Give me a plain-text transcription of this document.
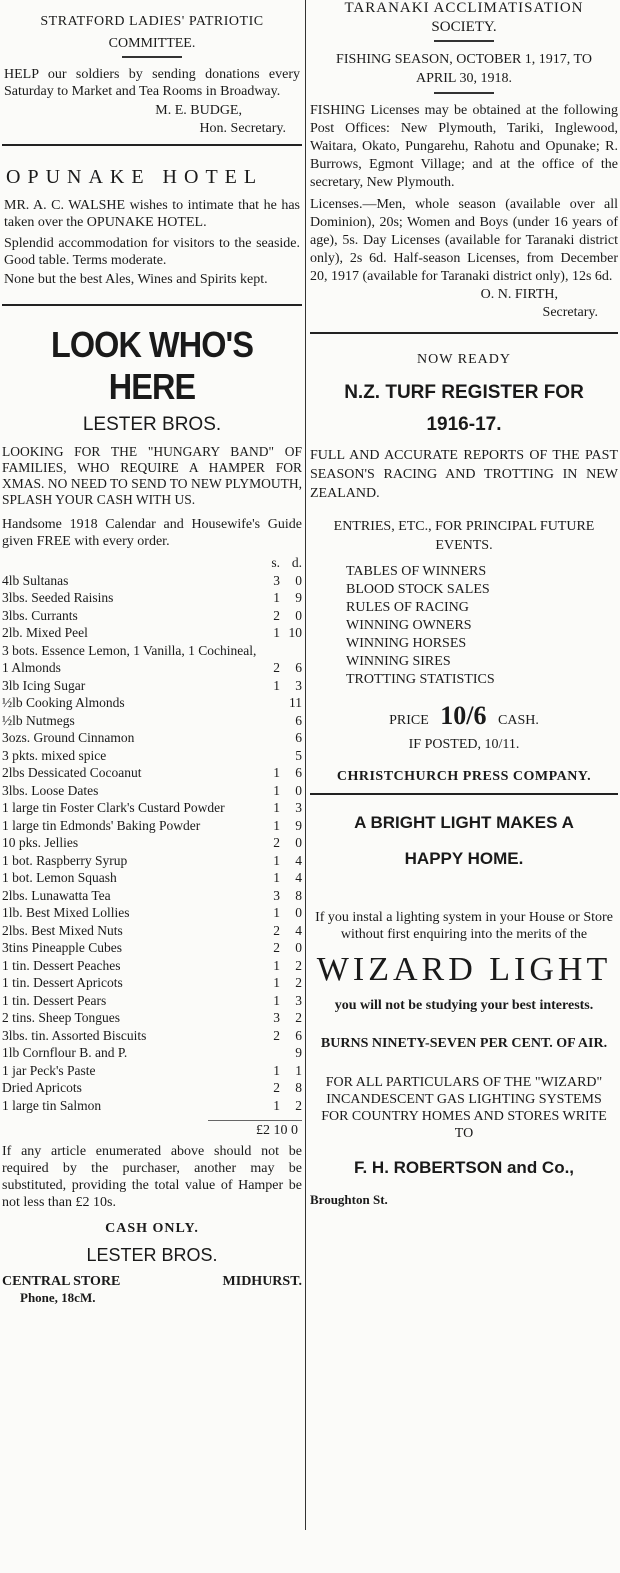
STRATFORD LADIES' PATRIOTIC
COMMITTEE.
HELP our soldiers by sending donations every Saturday to Market and Tea Rooms in Broadway.
M. E. BUDGE,
Hon. Secretary.
OPUNAKE HOTEL
MR. A. C. WALSHE wishes to intimate that he has taken over the OPUNAKE HOTEL.
Splendid accommodation for visitors to the seaside. Good table. Terms moderate.
None but the best Ales, Wines and Spirits kept.
LOOK WHO'S HERE
LESTER BROS.
LOOKING FOR THE "HUNGARY BAND" OF FAMILIES, WHO REQUIRE A HAMPER FOR XMAS. NO NEED TO SEND TO NEW PLYMOUTH, SPLASH YOUR CASH WITH US.
Handsome 1918 Calendar and Housewife's Guide given FREE with every order.
	s.	d.
4lb Sultanas	3	0
3lbs. Seeded Raisins	1	9
3lbs. Currants	2	0
2lb. Mixed Peel	1	10
3 bots. Essence Lemon, 1 Vanilla, 1 Cochineal, 1 Almonds	2	6
3lb Icing Sugar	1	3
½lb Cooking Almonds		11
½lb Nutmegs		6
3ozs. Ground Cinnamon		6
3 pkts. mixed spice		5
2lbs Dessicated Cocoanut	1	6
3lbs. Loose Dates	1	0
1 large tin Foster Clark's Custard Powder	1	3
1 large tin Edmonds' Baking Powder	1	9
10 pks. Jellies	2	0
1 bot. Raspberry Syrup	1	4
1 bot. Lemon Squash	1	4
2lbs. Lunawatta Tea	3	8
1lb. Best Mixed Lollies	1	0
2lbs. Best Mixed Nuts	2	4
3tins Pineapple Cubes	2	0
1 tin. Dessert Peaches	1	2
1 tin. Dessert Apricots	1	2
1 tin. Dessert Pears	1	3
2 tins. Sheep Tongues	3	2
3lbs. tin. Assorted Biscuits	2	6
1lb Cornflour B. and P.		9
1 jar Peck's Paste	1	1
Dried Apricots	2	8
1 large tin Salmon	1	2
£2 10 0
If any article enumerated above should not be required by the purchaser, another may be substituted, providing the total value of Hamper be not less than £2 10s.
CASH ONLY.
LESTER BROS.
CENTRAL STORE	MIDHURST.
Phone, 18cM.
TARANAKI ACCLIMATISATION
SOCIETY.
FISHING SEASON, OCTOBER 1, 1917, TO APRIL 30, 1918.
FISHING Licenses may be obtained at the following Post Offices: New Plymouth, Tariki, Inglewood, Waitara, Okato, Pungarehu, Rahotu and Opunake; R. Burrows, Egmont Village; and at the office of the secretary, New Plymouth.
Licenses.—Men, whole season (available over all Dominion), 20s; Women and Boys (under 16 years of age), 5s. Day Licenses (available for Taranaki district only), 2s 6d. Half-season Licenses, from December 20, 1917 (available for Taranaki district only), 12s 6d.
O. N. FIRTH,
Secretary.
NOW READY
N.Z. TURF REGISTER FOR
1916-17.
FULL AND ACCURATE REPORTS OF THE PAST SEASON'S RACING AND TROTTING IN NEW ZEALAND.
ENTRIES, ETC., FOR PRINCIPAL FUTURE EVENTS.
TABLES OF WINNERS
BLOOD STOCK SALES
RULES OF RACING
WINNING OWNERS
WINNING HORSES
WINNING SIRES
TROTTING STATISTICS
PRICE 10/6 CASH.
IF POSTED, 10/11.
CHRISTCHURCH PRESS COMPANY.
A BRIGHT LIGHT MAKES A
HAPPY HOME.
If you instal a lighting system in your House or Store without first enquiring into the merits of the
WIZARD LIGHT
you will not be studying your best interests.
BURNS NINETY-SEVEN PER CENT. OF AIR.
FOR ALL PARTICULARS OF THE "WIZARD" INCANDESCENT GAS LIGHTING SYSTEMS FOR COUNTRY HOMES AND STORES WRITE TO
F. H. ROBERTSON and Co.,
Broughton St.
